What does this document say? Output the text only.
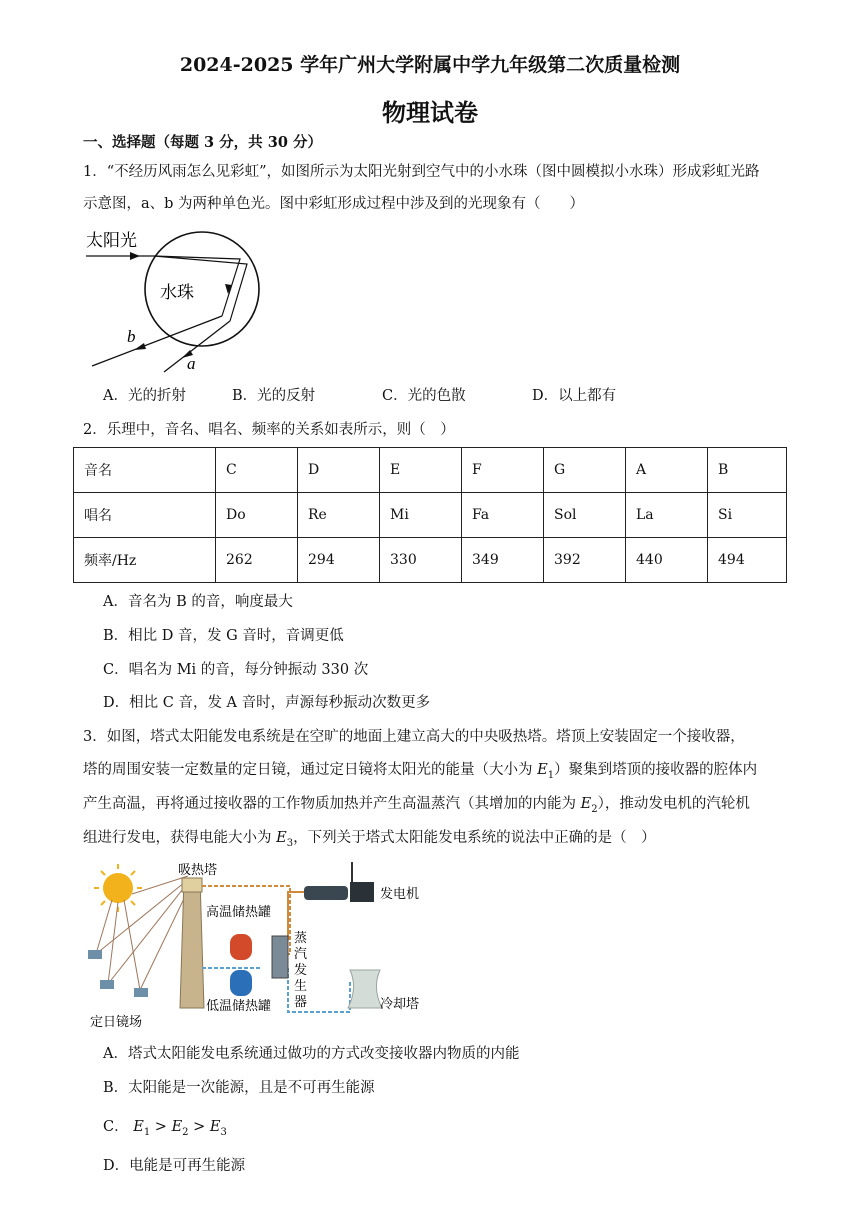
2024-2025 学年广州大学附属中学九年级第二次质量检测
物理试卷
一、选择题（每题 3 分，共 30 分）
1．“不经历风雨怎么见彩虹”，如图所示为太阳光射到空气中的小水珠（图中圆模拟小水珠）形成彩虹光路
示意图，a、b 为两种单色光。图中彩虹形成过程中涉及到的光现象有（　　）
太阳光
水珠
b
a
A．光的折射	B．光的反射	C．光的色散	D．以上都有
2．乐理中，音名、唱名、频率的关系如表所示，则（　）
音名	C	D	E	F	G	A	B
唱名	Do	Re	Mi	Fa	Sol	La	Si
频率/Hz	262	294	330	349	392	440	494
A．音名为 B 的音，响度最大
B．相比 D 音，发 G 音时，音调更低
C．唱名为 Mi 的音，每分钟振动 330 次
D．相比 C 音，发 A 音时，声源每秒振动次数更多
3．如图，塔式太阳能发电系统是在空旷的地面上建立高大的中央吸热塔。塔顶上安装固定一个接收器，
塔的周围安装一定数量的定日镜，通过定日镜将太阳光的能量（大小为 $E_1$）聚集到塔顶的接收器的腔体内
产生高温，再将通过接收器的工作物质加热并产生高温蒸汽（其增加的内能为 $E_2$），推动发电机的汽轮机
组进行发电，获得电能大小为 $E_3$，下列关于塔式太阳能发电系统的说法中正确的是（　）
定日镜场
吸热塔
高温储热罐
低温储热罐
蒸
汽
发
生
器
发电机
冷却塔
A．塔式太阳能发电系统通过做功的方式改变接收器内物质的内能
B．太阳能是一次能源，且是不可再生能源
C． $E_1 > E_2 > E_3$
D．电能是可再生能源
